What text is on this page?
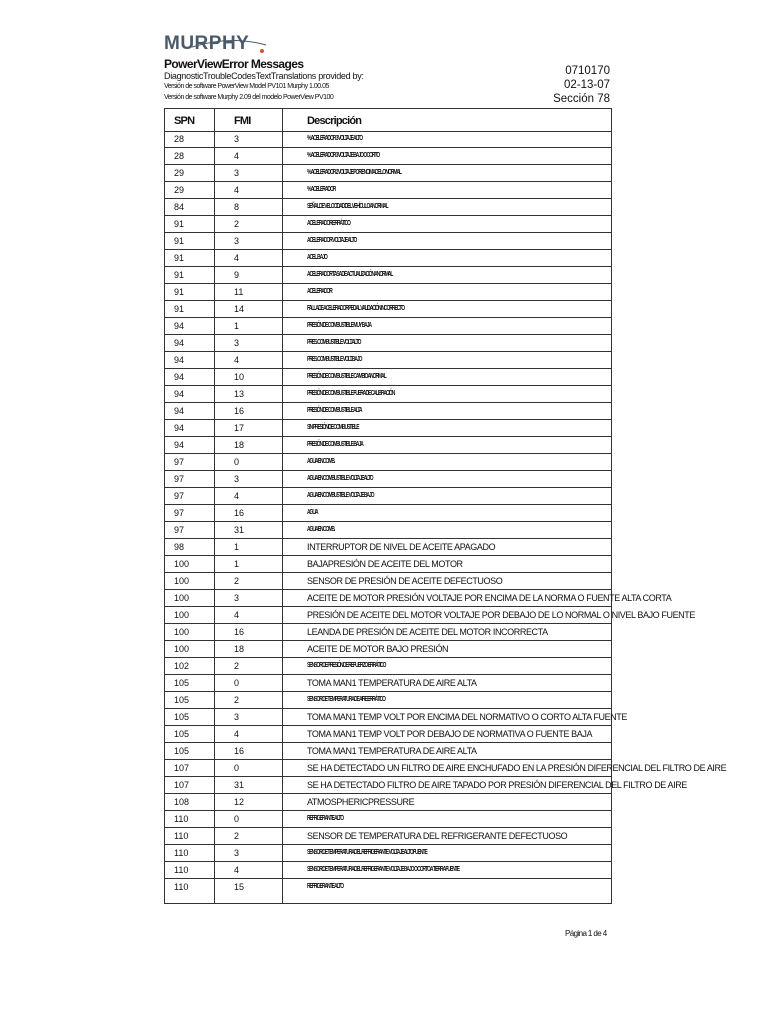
MURPHY
PowerViewError Messages
DiagnosticTroubleCodesTextTranslations provided by:
Versión de software PowerView Model PV101 Murphy 1.00.05
Versión de software Murphy 2.09 del modelo PowerView PV100
0710170
02-13-07
Sección 78
SPN	FMI	Descripción
28	3	% ACELERADOR 3 VOLTAJE ALTO
28	4	% ACELERADOR 3 VOLTAJE BAJO O CORTO
29	3	% ACELERADOR 2 VOLTAJE POR ENCIMA DE LO NORMAL
29	4	% ACELERADOR
84	8	SEÑAL DE VELOCIDAD DEL VEHÍCULO ANORMAL
91	2	ACELERADOR ERRÁTICO
91	3	ACELERADOR VOLTAJE ALTO
91	4	ACEL. BAJO
91	9	ACELERADOR TASA DE ACTUALIZACIÓN ANORMAL
91	11	ACELERADOR
91	14	FALLA DE ACELERADOR PEDAL VALIDACIÓN INCORRECTO
94	1	PRESIÓN DE COMBUSTIBLE MUY BAJA
94	3	PRES. COMBUSTIBLE VOLT. ALTO
94	4	PRES. COMBUSTIBLE VOLT. BAJO
94	10	PRESIÓN DE COMBUSTIBLE CAMBIO ANORMAL
94	13	PRESIÓN DE COMBUSTIBLE FUERA DE CALIBRACIÓN
94	16	PRESIÓN DE COMBUSTIBLE ALTA
94	17	SIN PRESIÓN DE COMBUSTIBLE
94	18	PRESIÓN DE COMBUSTIBLE BAJA
97	0	AGUA EN COMB.
97	3	AGUA EN COMBUSTIBLE VOLTAJE ALTO
97	4	AGUA EN COMBUSTIBLE VOLTAJE BAJO
97	16	AGUA
97	31	AGUA EN COMB.
98	1	INTERRUPTOR DE NIVEL DE ACEITE APAGADO
100	1	BAJAPRESIÓN DE ACEITE DEL MOTOR
100	2	SENSOR DE PRESIÓN DE ACEITE DEFECTUOSO
100	3	ACEITE DE MOTOR PRESIÓN VOLTAJE POR ENCIMA DE LA NORMA O FUENTE ALTA CORTA
100	4	PRESIÓN DE ACEITE DEL MOTOR VOLTAJE POR DEBAJO DE LO NORMAL O NIVEL BAJO FUENTE
100	16	LEANDA DE PRESIÓN DE ACEITE DEL MOTOR INCORRECTA
100	18	ACEITE DE MOTOR BAJO PRESIÓN
102	2	SENSOR DE PRESIÓN DE REFUERZO ERRÁTICO
105	0	TOMA MAN1 TEMPERATURA DE AIRE ALTA
105	2	SENSOR DE TEMPERATURA DE AIRE ERRÁTICO
105	3	TOMA MAN1 TEMP VOLT POR ENCIMA DEL NORMATIVO O CORTO ALTA FUENTE
105	4	TOMA MAN1 TEMP VOLT POR DEBAJO DE NORMATIVA O FUENTE BAJA
105	16	TOMA MAN1 TEMPERATURA DE AIRE ALTA
107	0	SE HA DETECTADO UN FILTRO DE AIRE ENCHUFADO EN LA PRESIÓN DIFERENCIAL DEL FILTRO DE AIRE
107	31	SE HA DETECTADO FILTRO DE AIRE TAPADO POR PRESIÓN DIFERENCIAL DEL FILTRO DE AIRE
108	12	ATMOSPHERICPRESSURE
110	0	REFRIGERANTE ALTO
110	2	SENSOR DE TEMPERATURA DEL REFRIGERANTE DEFECTUOSO
110	3	SENSOR DE TEMPERATURA DEL REFRIGERANTE VOLTAJE ALTO FUENTE
110	4	SENSOR DE TEMPERATURA DEL REFRIGERANTE VOLTAJE BAJO O CORTO A TIERRA FUENTE
110	15	REFRIGERANTE ALTO
Página 1 de 4
